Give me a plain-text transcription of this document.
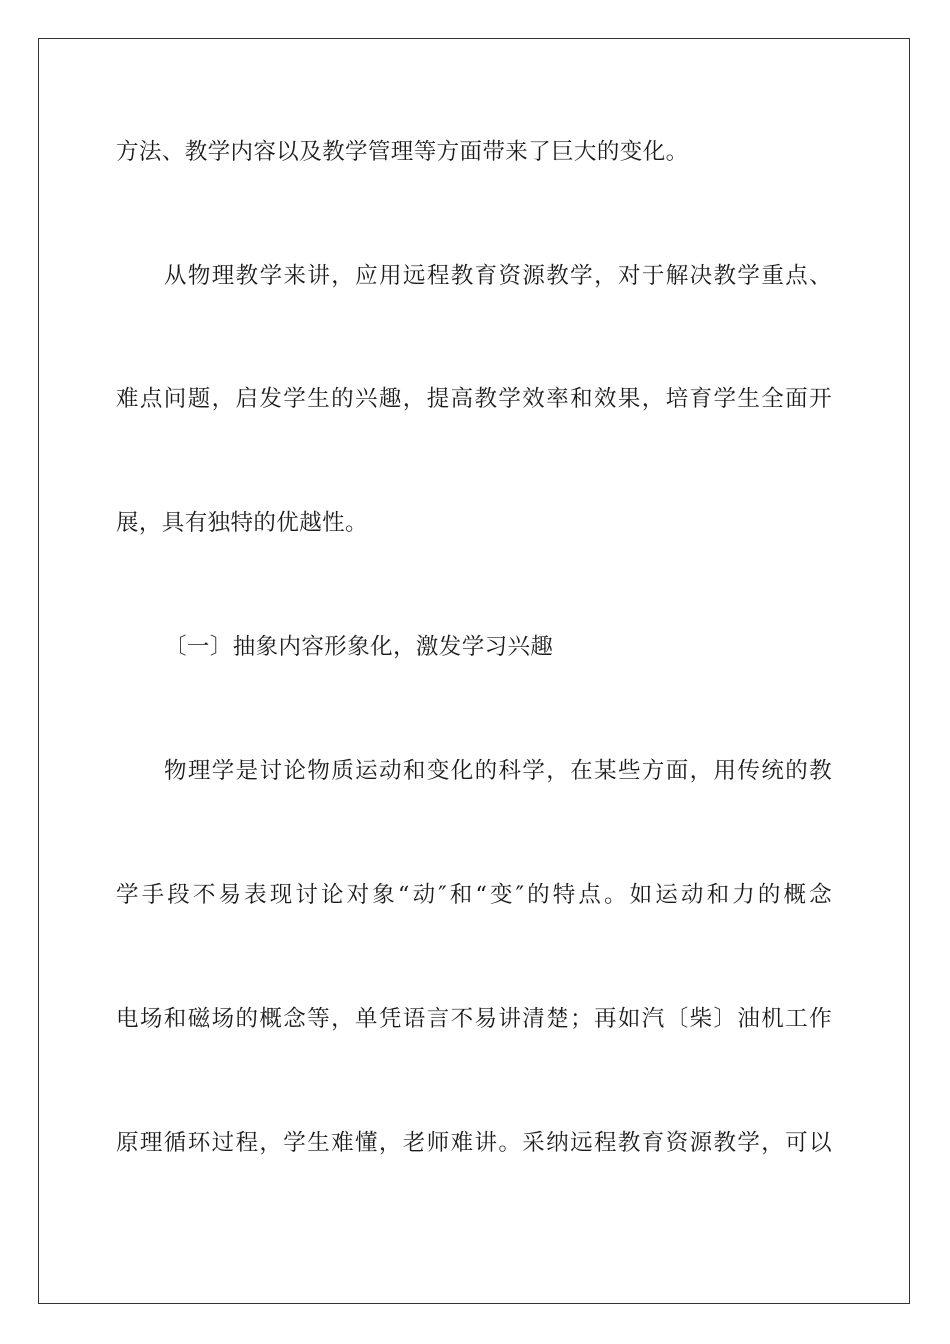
方法、教学内容以及教学管理等方面带来了巨大的变化。
从物理教学来讲，应用远程教育资源教学，对于解决教学重点、
难点问题，启发学生的兴趣，提高教学效率和效果，培育学生全面开
展，具有独特的优越性。
〔一〕抽象内容形象化，激发学习兴趣
物理学是讨论物质运动和变化的科学，在某些方面，用传统的教
学手段不易表现讨论对象“动″和“变″的特点。如运动和力的概念
电场和磁场的概念等，单凭语言不易讲清楚；再如汽〔柴〕油机工作
原理循环过程，学生难懂，老师难讲。采纳远程教育资源教学，可以
